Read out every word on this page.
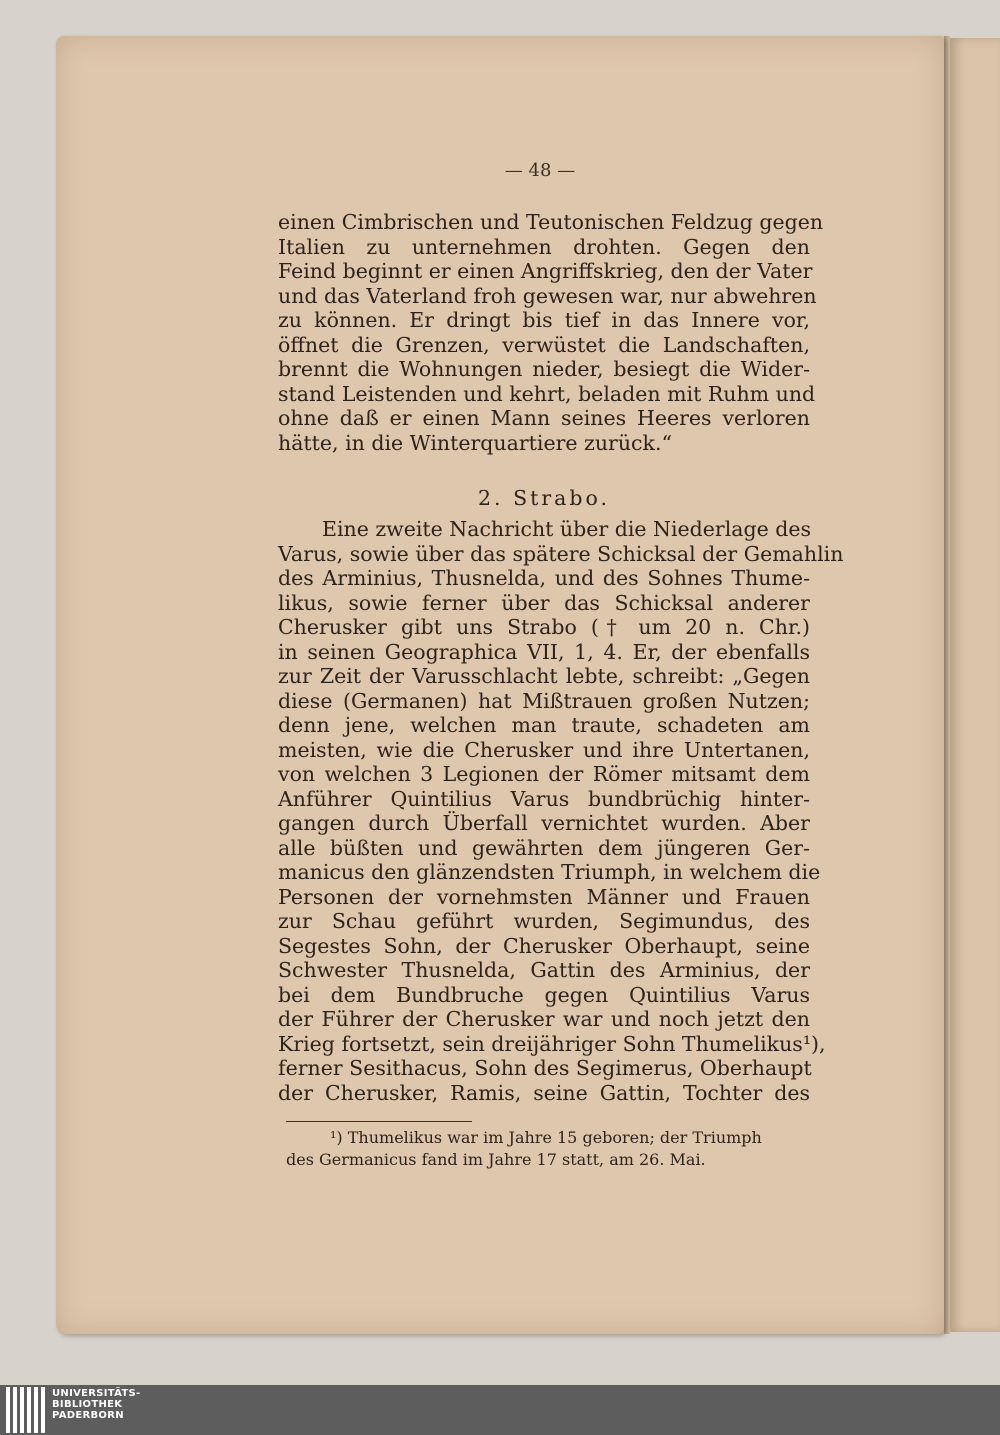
— 48 —
einen Cimbrischen und Teutonischen Feldzug gegen
Italien zu unternehmen drohten. Gegen den
Feind beginnt er einen Angriffskrieg, den der Vater
und das Vaterland froh gewesen war, nur abwehren
zu können. Er dringt bis tief in das Innere vor,
öffnet die Grenzen, verwüstet die Landschaften,
brennt die Wohnungen nieder, besiegt die Wider-
stand Leistenden und kehrt, beladen mit Ruhm und
ohne daß er einen Mann seines Heeres verloren
hätte, in die Winterquartiere zurück.“
2. Strabo.
Eine zweite Nachricht über die Niederlage des
Varus, sowie über das spätere Schicksal der Gemahlin
des Arminius, Thusnelda, und des Sohnes Thume-
likus, sowie ferner über das Schicksal anderer
Cherusker gibt uns Strabo († um 20 n. Chr.)
in seinen Geographica VII, 1, 4. Er, der ebenfalls
zur Zeit der Varusschlacht lebte, schreibt: „Gegen
diese (Germanen) hat Mißtrauen großen Nutzen;
denn jene, welchen man traute, schadeten am
meisten, wie die Cherusker und ihre Untertanen,
von welchen 3 Legionen der Römer mitsamt dem
Anführer Quintilius Varus bundbrüchig hinter-
gangen durch Überfall vernichtet wurden. Aber
alle büßten und gewährten dem jüngeren Ger-
manicus den glänzendsten Triumph, in welchem die
Personen der vornehmsten Männer und Frauen
zur Schau geführt wurden, Segimundus, des
Segestes Sohn, der Cherusker Oberhaupt, seine
Schwester Thusnelda, Gattin des Arminius, der
bei dem Bundbruche gegen Quintilius Varus
der Führer der Cherusker war und noch jetzt den
Krieg fortsetzt, sein dreijähriger Sohn Thumelikus¹),
ferner Sesithacus, Sohn des Segimerus, Oberhaupt
der Cherusker, Ramis, seine Gattin, Tochter des
¹) Thumelikus war im Jahre 15 geboren; der Triumph
des Germanicus fand im Jahre 17 statt, am 26. Mai.
UNIVERSITÄTS-
BIBLIOTHEK
PADERBORN
